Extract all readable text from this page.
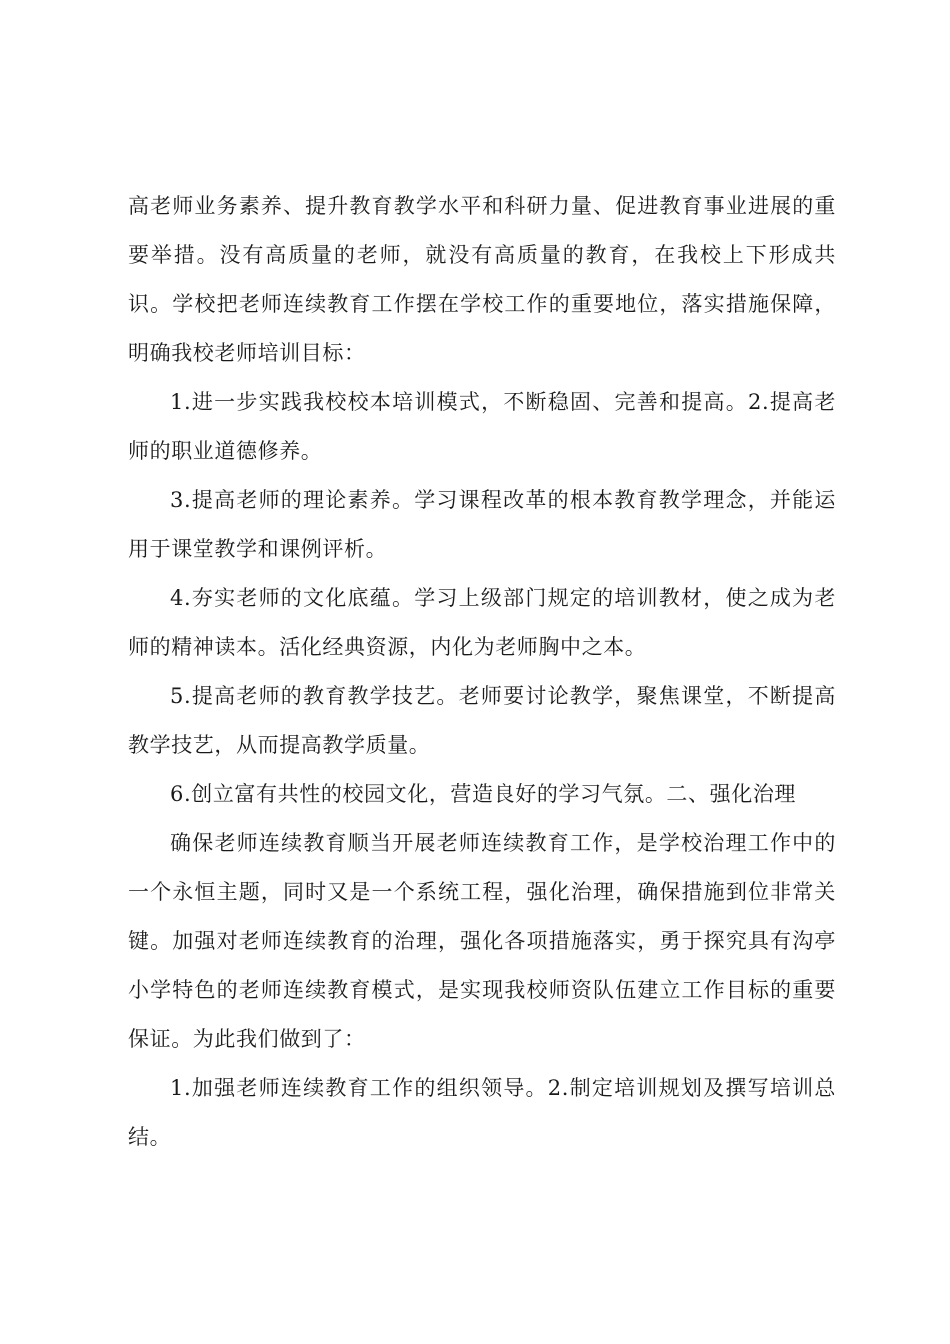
高老师业务素养、提升教育教学水平和科研力量、促进教育事业进展的重要举措。没有高质量的老师，就没有高质量的教育，在我校上下形成共识。学校把老师连续教育工作摆在学校工作的重要地位，落实措施保障，明确我校老师培训目标：

1.进一步实践我校校本培训模式，不断稳固、完善和提高。2.提高老师的职业道德修养。

3.提高老师的理论素养。学习课程改革的根本教育教学理念，并能运用于课堂教学和课例评析。

4.夯实老师的文化底蕴。学习上级部门规定的培训教材，使之成为老师的精神读本。活化经典资源，内化为老师胸中之本。

5.提高老师的教育教学技艺。老师要讨论教学，聚焦课堂，不断提高教学技艺，从而提高教学质量。

6.创立富有共性的校园文化，营造良好的学习气氛。二、强化治理

确保老师连续教育顺当开展老师连续教育工作，是学校治理工作中的一个永恒主题，同时又是一个系统工程，强化治理，确保措施到位非常关键。加强对老师连续教育的治理，强化各项措施落实，勇于探究具有沟亭小学特色的老师连续教育模式，是实现我校师资队伍建立工作目标的重要保证。为此我们做到了：

1.加强老师连续教育工作的组织领导。2.制定培训规划及撰写培训总结。
